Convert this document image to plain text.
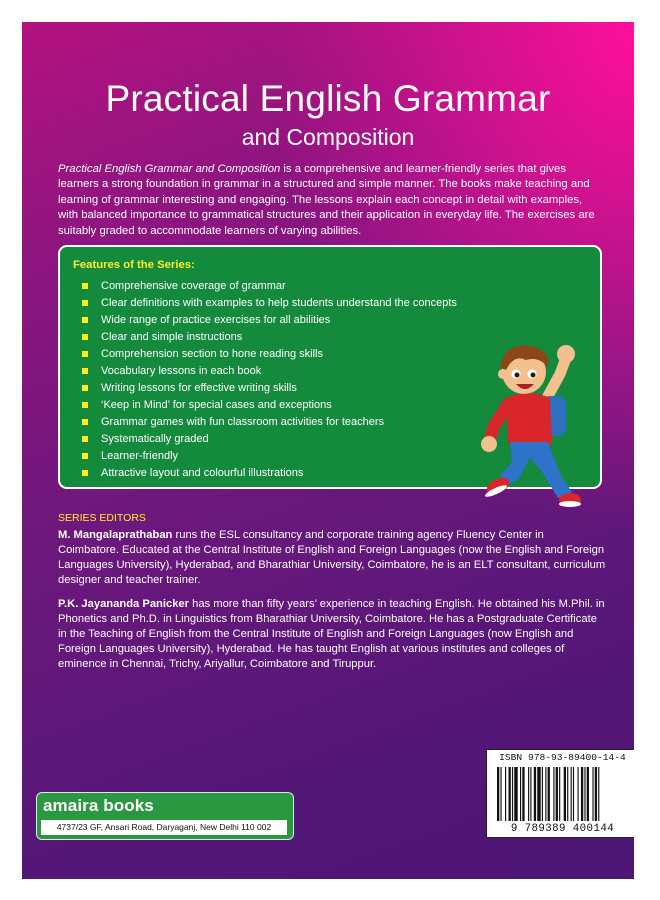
Practical English Grammar
and Composition
Practical English Grammar and Composition is a comprehensive and learner-friendly series that gives learners a strong foundation in grammar in a structured and simple manner. The books make teaching and learning of grammar interesting and engaging. The lessons explain each concept in detail with examples, with balanced importance to grammatical structures and their application in everyday life. The exercises are suitably graded to accommodate learners of varying abilities.
Features of the Series:
Comprehensive coverage of grammar
Clear definitions with examples to help students understand the concepts
Wide range of practice exercises for all abilities
Clear and simple instructions
Comprehension section to hone reading skills
Vocabulary lessons in each book
Writing lessons for effective writing skills
‘Keep in Mind’ for special cases and exceptions
Grammar games with fun classroom activities for teachers
Systematically graded
Learner-friendly
Attractive layout and colourful illustrations
SERIES EDITORS

M. Mangalaprathaban runs the ESL consultancy and corporate training agency Fluency Center in Coimbatore. Educated at the Central Institute of English and Foreign Languages (now the English and Foreign Languages University), Hyderabad, and Bharathiar University, Coimbatore, he is an ELT consultant, curriculum designer and teacher trainer.

P.K. Jayananda Panicker has more than fifty years’ experience in teaching English. He obtained his M.Phil. in Phonetics and Ph.D. in Linguistics from Bharathiar University, Coimbatore. He has a Postgraduate Certificate in the Teaching of English from the Central Institute of English and Foreign Languages (now English and Foreign Languages University), Hyderabad. He has taught English at various institutes and colleges of eminence in Chennai, Trichy, Ariyallur, Coimbatore and Tiruppur.

amaira books
4737/23 GF, Ansari Road, Daryaganj, New Delhi 110 002
ISBN 978-93-89400-14-4
9 789389 400144
